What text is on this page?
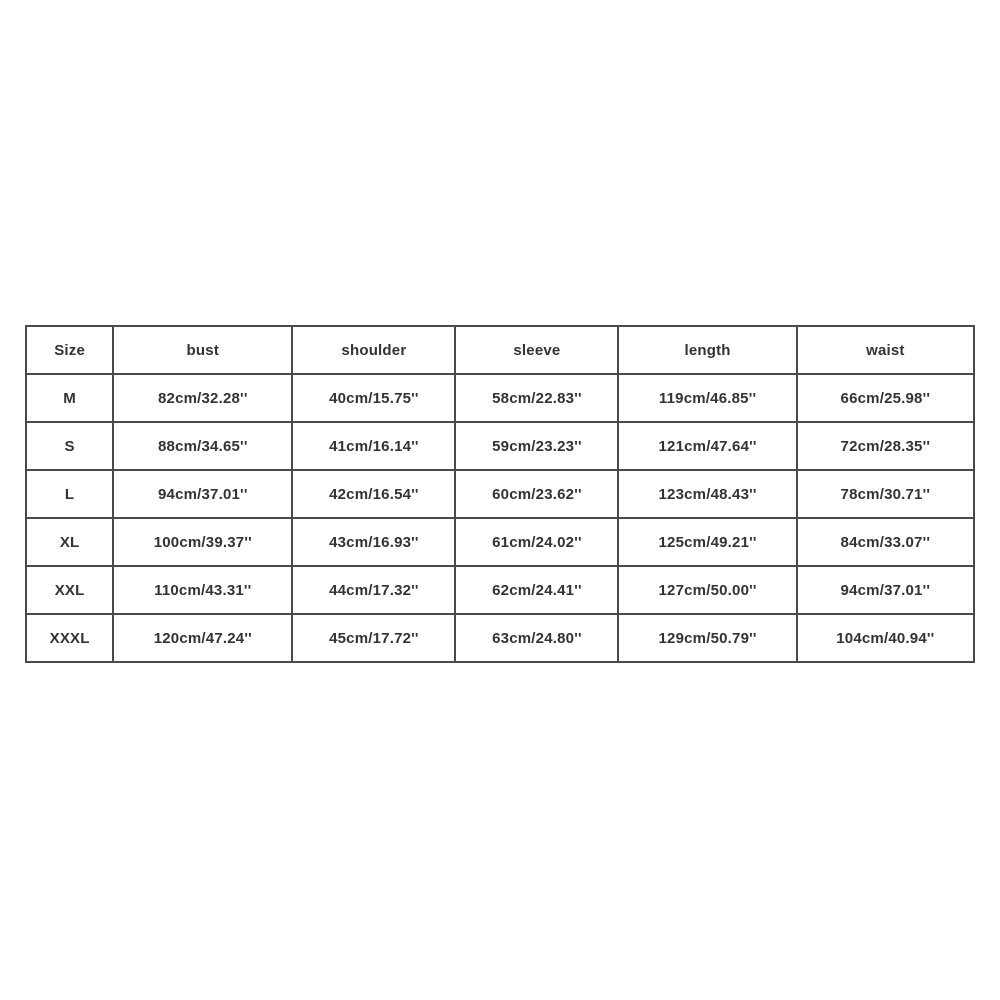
Size	bust	shoulder	sleeve	length	waist
M	82cm/32.28''	40cm/15.75''	58cm/22.83''	119cm/46.85''	66cm/25.98''
S	88cm/34.65''	41cm/16.14''	59cm/23.23''	121cm/47.64''	72cm/28.35''
L	94cm/37.01''	42cm/16.54''	60cm/23.62''	123cm/48.43''	78cm/30.71''
XL	100cm/39.37''	43cm/16.93''	61cm/24.02''	125cm/49.21''	84cm/33.07''
XXL	110cm/43.31''	44cm/17.32''	62cm/24.41''	127cm/50.00''	94cm/37.01''
XXXL	120cm/47.24''	45cm/17.72''	63cm/24.80''	129cm/50.79''	104cm/40.94''
